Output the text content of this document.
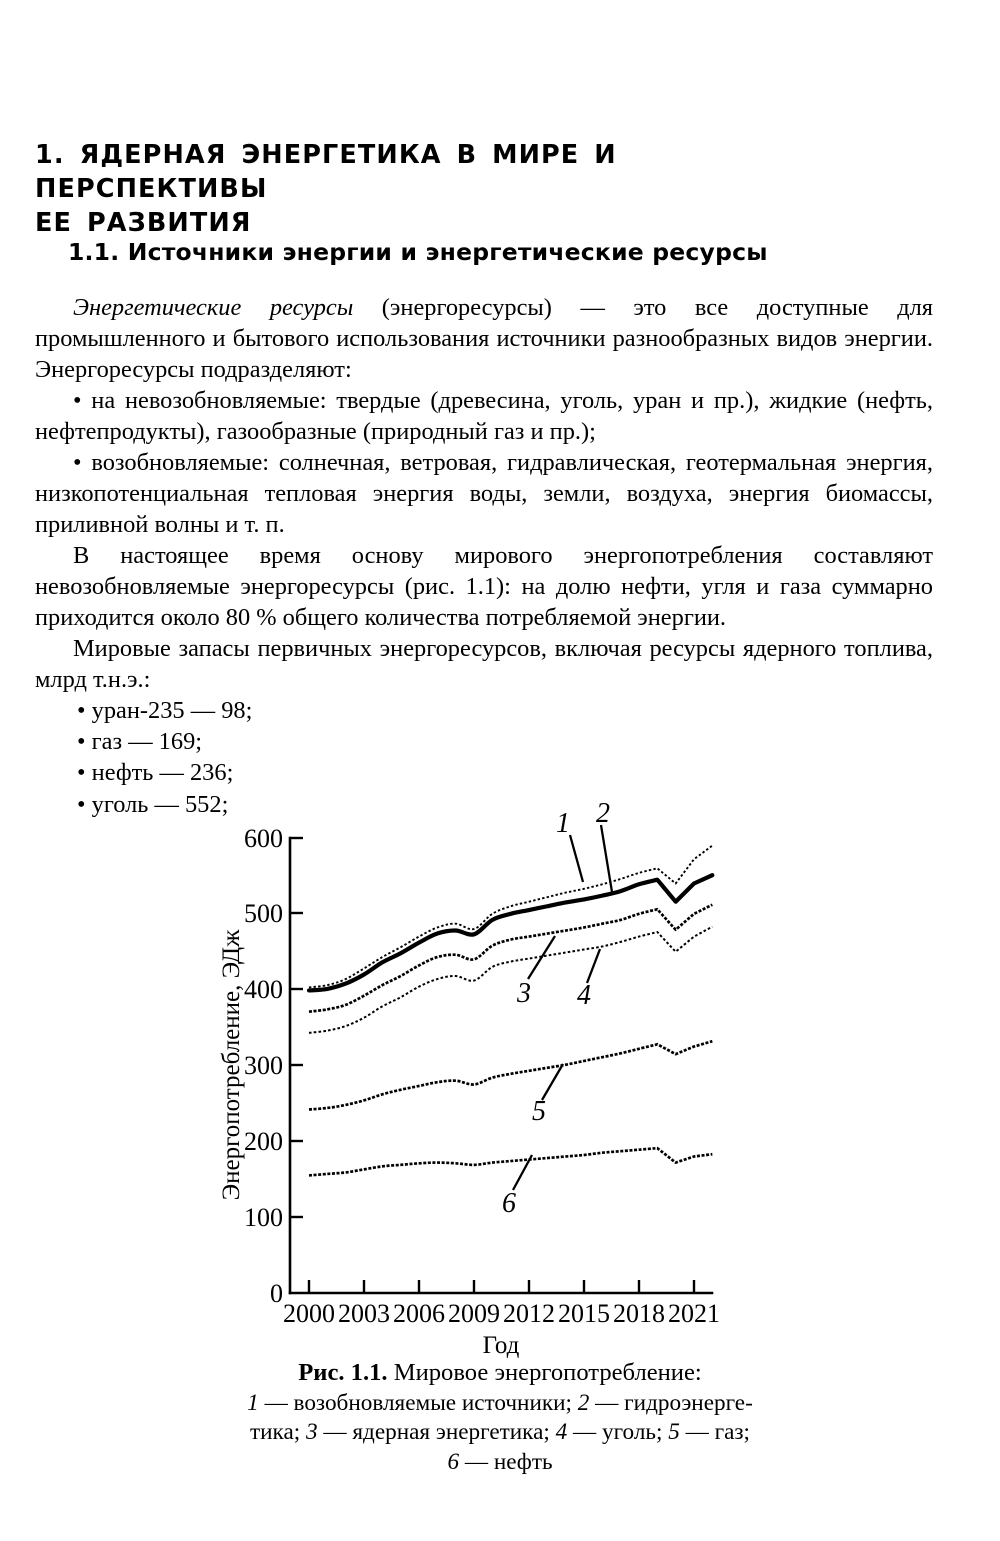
1. ЯДЕРНАЯ ЭНЕРГЕТИКА В МИРЕ И ПЕРСПЕКТИВЫ
ЕЕ РАЗВИТИЯ
1.1. Источники энергии и энергетические ресурсы

Энергетические ресурсы (энергоресурсы) — это все доступные для промышленного и бытового использования источники разнообразных видов энергии. Энергоресурсы подразделяют:

• на невозобновляемые: твердые (древесина, уголь, уран и пр.), жидкие (нефть, нефтепродукты), газообразные (природный газ и пр.);

• возобновляемые: солнечная, ветровая, гидравлическая, геотермальная энергия, низкопотенциальная тепловая энергия воды, земли, воздуха, энергия биомассы, приливной волны и т. п.

В настоящее время основу мирового энергопотребления составляют невозобновляемые энергоресурсы (рис. 1.1): на долю нефти, угля и газа суммарно приходится около 80 % общего количества потребляемой энергии.

Мировые запасы первичных энергоресурсов, включая ресурсы ядерного топлива, млрд т.н.э.:

• уран-235 — 98;
• газ — 169;
• нефть — 236;
• уголь — 552;
600
500
400
300
200
100
0
2000 2003 2006 2009 2012 2015 2018 2021
Год
Энергопотребление, ЭДж
1 2
3 4
5
6
Рис. 1.1. Мировое энергопотребление:
1 — возобновляемые источники; 2 — гидроэнерге-
тика; 3 — ядерная энергетика; 4 — уголь; 5 — газ;
6 — нефть
